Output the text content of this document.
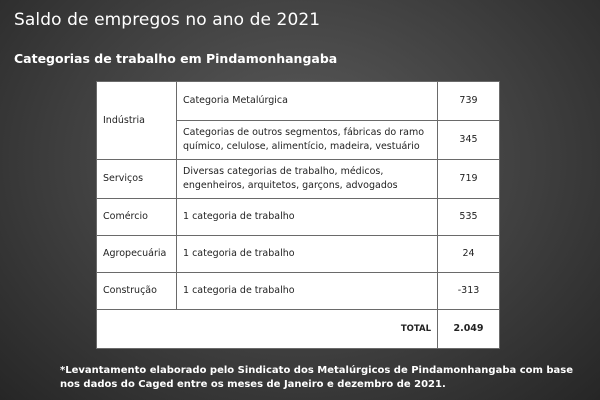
Saldo de empregos no ano de 2021
Categorias de trabalho em Pindamonhangaba
Indústria	Categoria Metalúrgica	739
	Categorias de outros segmentos, fábricas do ramo químico, celulose, alimentício, madeira, vestuário	345
Serviços	Diversas categorias de trabalho, médicos, engenheiros, arquitetos, garçons, advogados	719
Comércio	1 categoria de trabalho	535
Agropecuária	1 categoria de trabalho	24
Construção	1 categoria de trabalho	-313
TOTAL		2.049
*Levantamento elaborado pelo Sindicato dos Metalúrgicos de Pindamonhangaba com base nos dados do Caged entre os meses de Janeiro e dezembro de 2021.
